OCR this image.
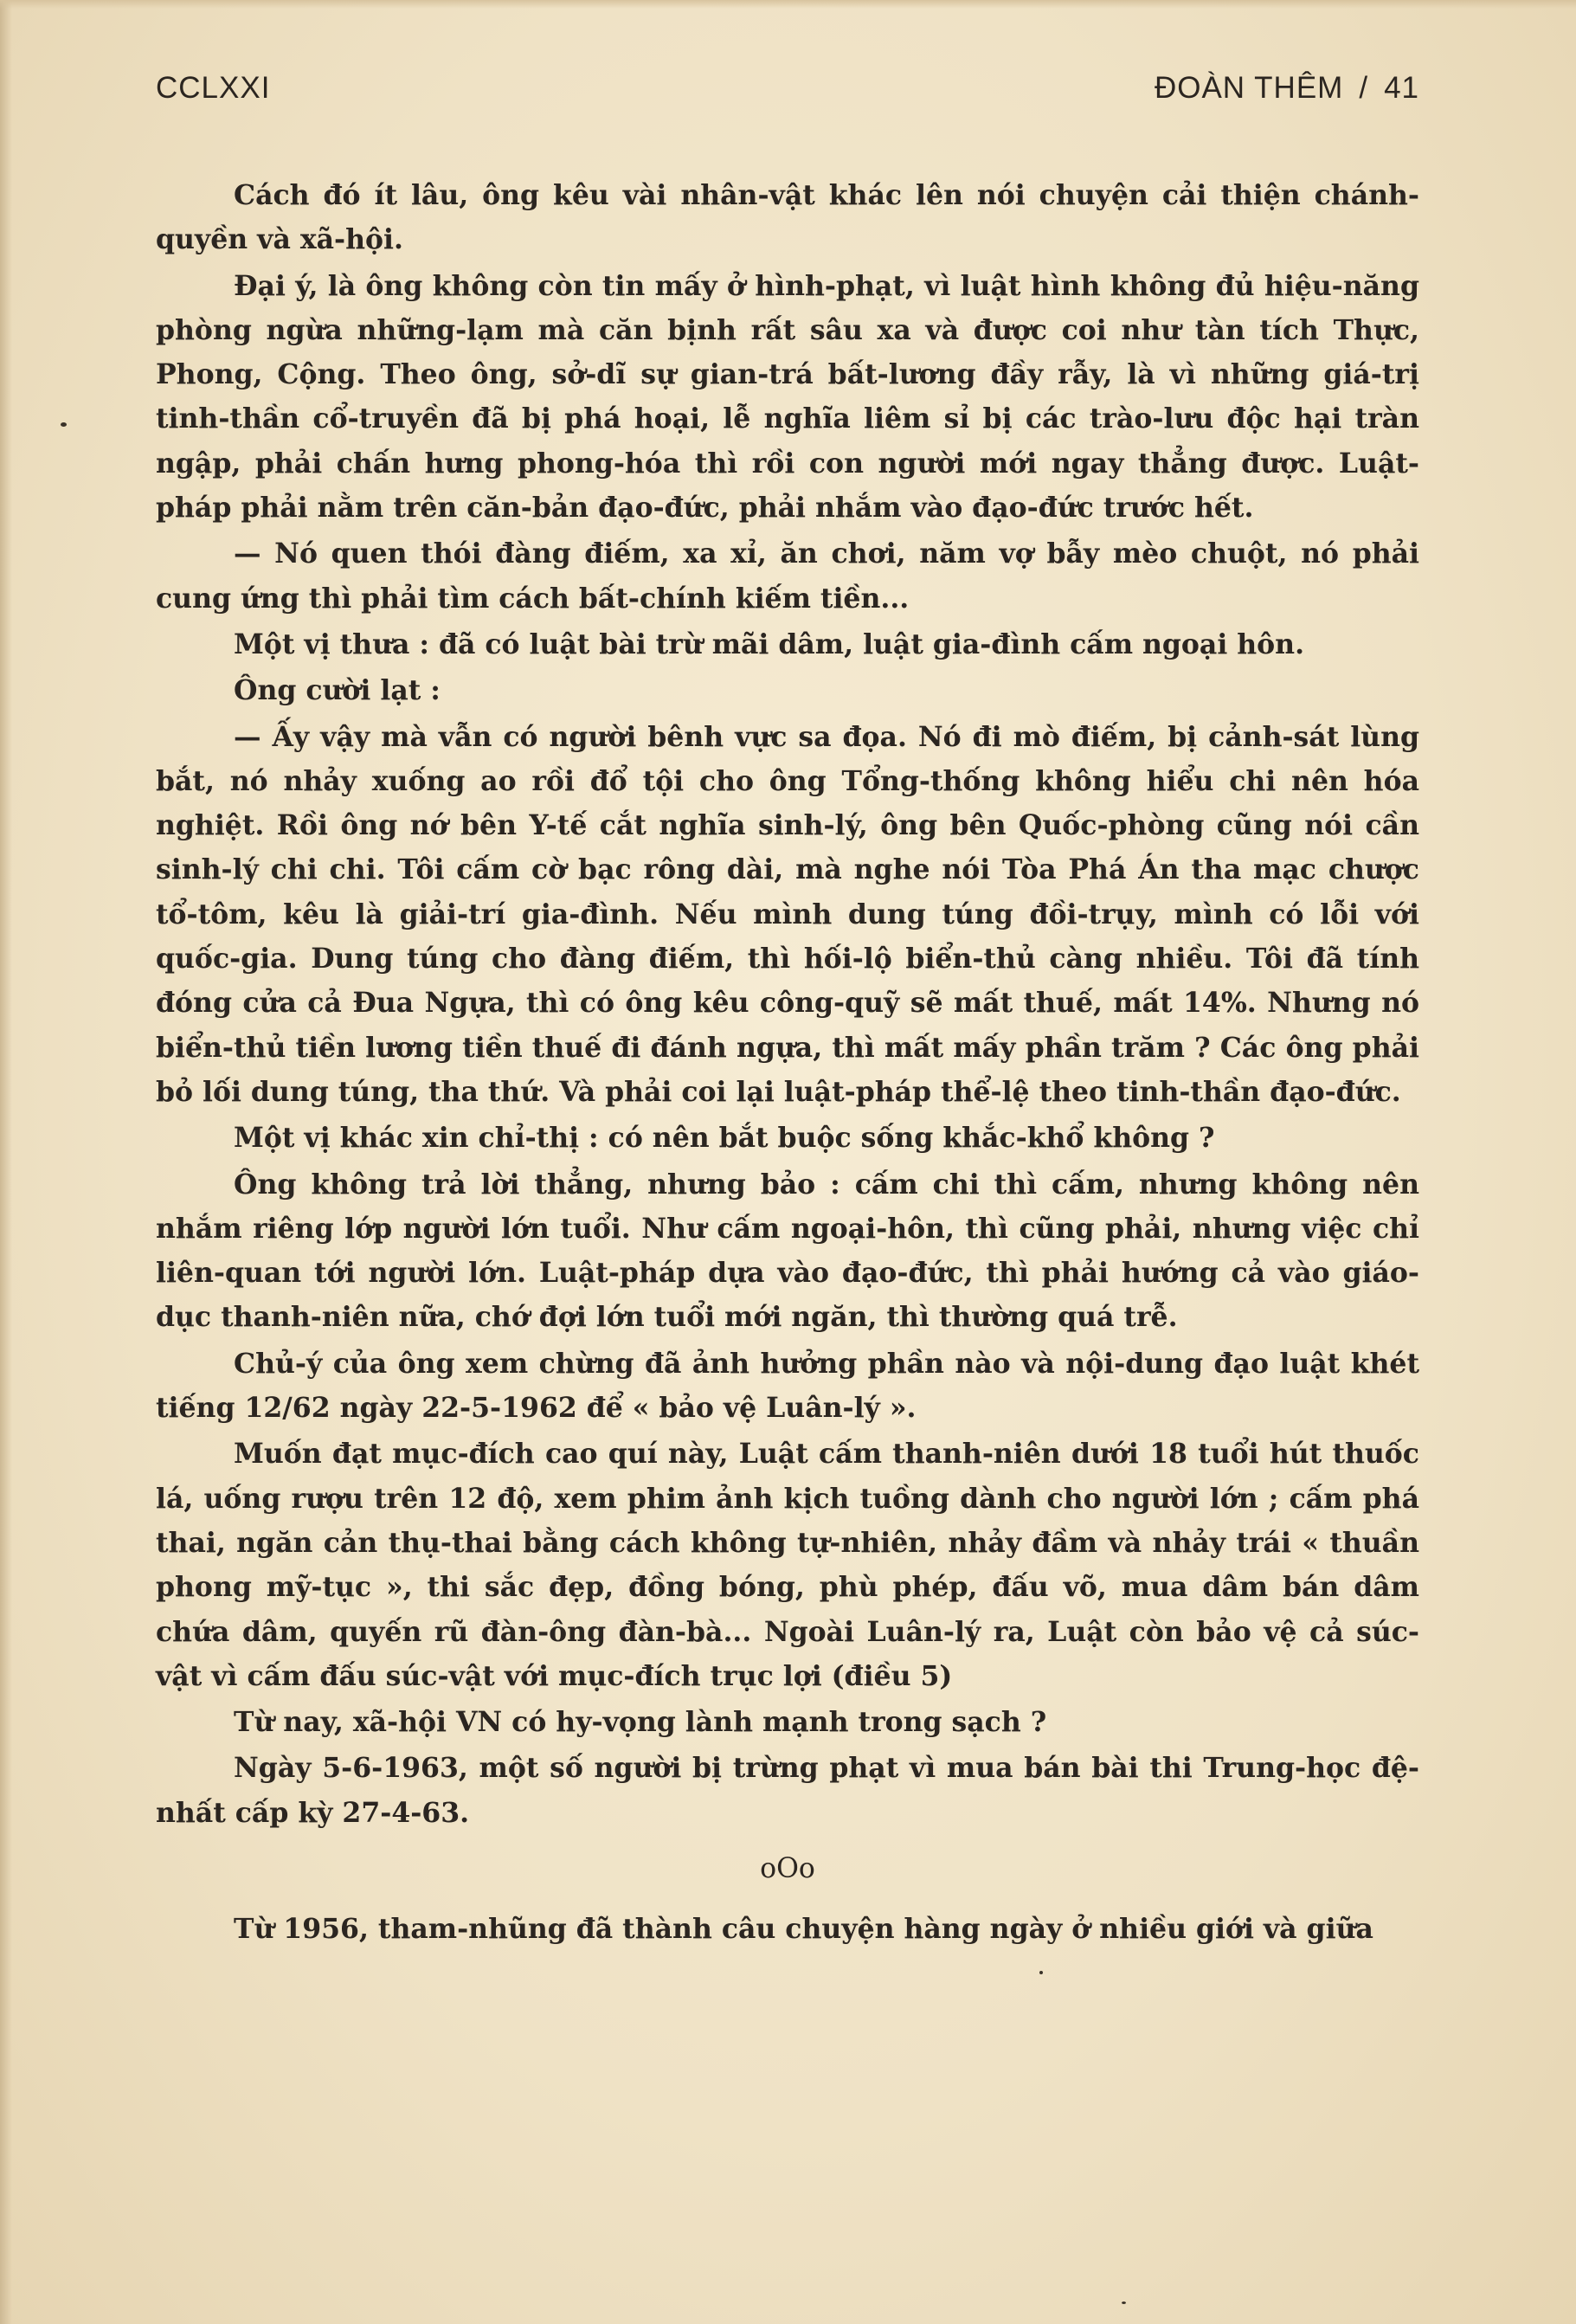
CCLXXI	ĐOÀN THÊM / 41

Cách đó ít lâu, ông kêu vài nhân-vật khác lên nói chuyện cải thiện chánh-quyền và xã-hội.

Đại ý, là ông không còn tin mấy ở hình-phạt, vì luật hình không đủ hiệu-năng phòng ngừa những-lạm mà căn bịnh rất sâu xa và được coi như tàn tích Thực, Phong, Cộng. Theo ông, sở-dĩ sự gian-trá bất-lương đầy rẫy, là vì những giá-trị tinh-thần cổ-truyền đã bị phá hoại, lễ nghĩa liêm sỉ bị các trào-lưu độc hại tràn ngập, phải chấn hưng phong-hóa thì rồi con người mới ngay thẳng được. Luật-pháp phải nằm trên căn-bản đạo-đức, phải nhắm vào đạo-đức trước hết.

— Nó quen thói đàng điếm, xa xỉ, ăn chơi, năm vợ bẫy mèo chuột, nó phải cung ứng thì phải tìm cách bất-chính kiếm tiền...

Một vị thưa : đã có luật bài trừ mãi dâm, luật gia-đình cấm ngoại hôn.

Ông cười lạt :

— Ấy vậy mà vẫn có người bênh vực sa đọa. Nó đi mò điếm, bị cảnh-sát lùng bắt, nó nhảy xuống ao rồi đổ tội cho ông Tổng-thống không hiểu chi nên hóa nghiệt. Rồi ông nớ bên Y-tế cắt nghĩa sinh-lý, ông bên Quốc-phòng cũng nói cần sinh-lý chi chi. Tôi cấm cờ bạc rông dài, mà nghe nói Tòa Phá Án tha mạc chược tổ-tôm, kêu là giải-trí gia-đình. Nếu mình dung túng đồi-trụy, mình có lỗi với quốc-gia. Dung túng cho đàng điếm, thì hối-lộ biển-thủ càng nhiều. Tôi đã tính đóng cửa cả Đua Ngựa, thì có ông kêu công-quỹ sẽ mất thuế, mất 14%. Nhưng nó biển-thủ tiền lương tiền thuế đi đánh ngựa, thì mất mấy phần trăm ? Các ông phải bỏ lối dung túng, tha thứ. Và phải coi lại luật-pháp thể-lệ theo tinh-thần đạo-đức.

Một vị khác xin chỉ-thị : có nên bắt buộc sống khắc-khổ không ?

Ông không trả lời thẳng, nhưng bảo : cấm chi thì cấm, nhưng không nên nhắm riêng lớp người lớn tuổi. Như cấm ngoại-hôn, thì cũng phải, nhưng việc chỉ liên-quan tới người lớn. Luật-pháp dựa vào đạo-đức, thì phải hướng cả vào giáo-dục thanh-niên nữa, chớ đợi lớn tuổi mới ngăn, thì thường quá trễ.

Chủ-ý của ông xem chừng đã ảnh hưởng phần nào và nội-dung đạo luật khét tiếng 12/62 ngày 22-5-1962 để « bảo vệ Luân-lý ».

Muốn đạt mục-đích cao quí này, Luật cấm thanh-niên dưới 18 tuổi hút thuốc lá, uống rượu trên 12 độ, xem phim ảnh kịch tuồng dành cho người lớn ; cấm phá thai, ngăn cản thụ-thai bằng cách không tự-nhiên, nhảy đầm và nhảy trái « thuần phong mỹ-tục », thi sắc đẹp, đồng bóng, phù phép, đấu võ, mua dâm bán dâm chứa dâm, quyến rũ đàn-ông đàn-bà... Ngoài Luân-lý ra, Luật còn bảo vệ cả súc-vật vì cấm đấu súc-vật với mục-đích trục lợi (điều 5)

Từ nay, xã-hội VN có hy-vọng lành mạnh trong sạch ?

Ngày 5-6-1963, một số người bị trừng phạt vì mua bán bài thi Trung-học đệ-nhất cấp kỳ 27-4-63.

oOo

Từ 1956, tham-nhũng đã thành câu chuyện hàng ngày ở nhiều giới và giữa
